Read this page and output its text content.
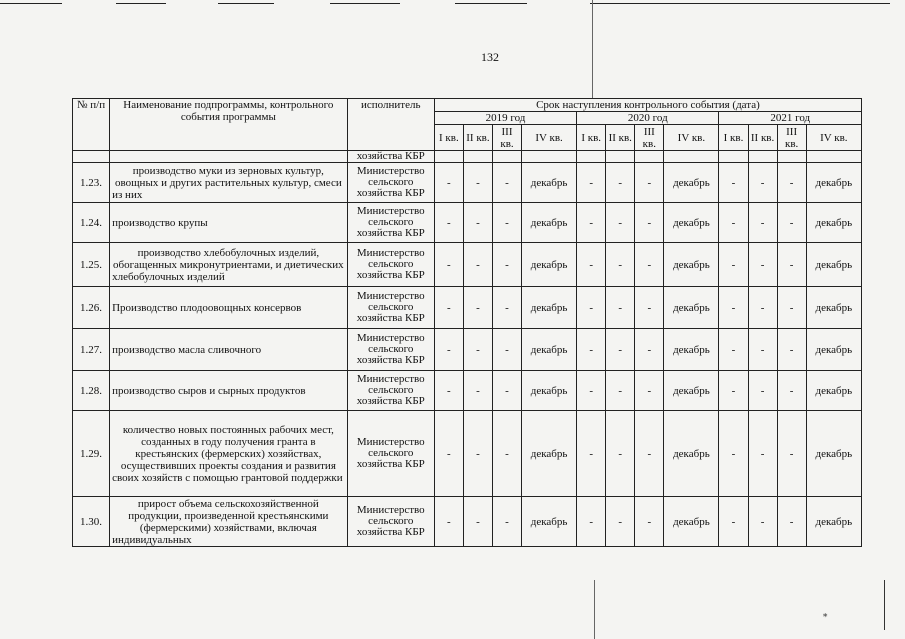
132
№ п/п	Наименование подпрограммы, контрольного события программы	исполнитель	Срок наступления контрольного события (дата)											
			2019 год				2020 год				2021 год			
			I кв.	II кв.	III кв.	IV кв.	I кв.	II кв.	III кв.	IV кв.	I кв.	II кв.	III кв.	IV кв.
		хозяйства КБР												
1.23.	производство муки из зерновых культур, овощных и других растительных культур, смеси из них	Министерство сельского хозяйства КБР	-	-	-	декабрь	-	-	-	декабрь	-	-	-	декабрь
1.24.	производство крупы	Министерство сельского хозяйства КБР	-	-	-	декабрь	-	-	-	декабрь	-	-	-	декабрь
1.25.	производство хлебобулочных изделий, обогащенных микронутриентами, и диетических хлебобулочных изделий	Министерство сельского хозяйства КБР	-	-	-	декабрь	-	-	-	декабрь	-	-	-	декабрь
1.26.	Производство плодоовощных консервов	Министерство сельского хозяйства КБР	-	-	-	декабрь	-	-	-	декабрь	-	-	-	декабрь
1.27.	производство масла сливочного	Министерство сельского хозяйства КБР	-	-	-	декабрь	-	-	-	декабрь	-	-	-	декабрь
1.28.	производство сыров и сырных продуктов	Министерство сельского хозяйства КБР	-	-	-	декабрь	-	-	-	декабрь	-	-	-	декабрь
1.29.	количество новых постоянных рабочих мест, созданных в году получения гранта в крестьянских (фермерских) хозяйствах, осуществивших проекты создания и развития своих хозяйств с помощью грантовой поддержки	Министерство сельского хозяйства КБР	-	-	-	декабрь	-	-	-	декабрь	-	-	-	декабрь
1.30.	прирост объема сельскохозяйственной продукции, произведенной крестьянскими (фермерскими) хозяйствами, включая индивидуальных	Министерство сельского хозяйства КБР	-	-	-	декабрь	-	-	-	декабрь	-	-	-	декабрь
∗
